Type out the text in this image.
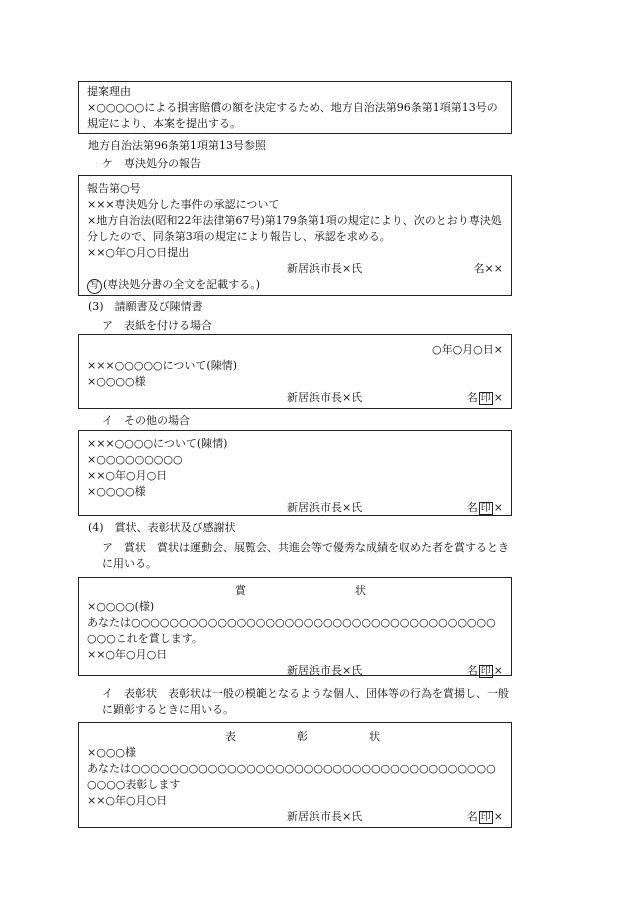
提案理由
×○○○○○による損害賠償の額を決定するため、地方自治法第96条第1項第13号の規定により、本案を提出する。
地方自治法第96条第1項第13号参照
ケ　専決処分の報告
報告第○号
×××専決処分した事件の承認について
×地方自治法(昭和22年法律第67号)第179条第1項の規定により、次のとおり専決処分したので、同条第3項の規定により報告し、承認を求める。
××○年○月○日提出
新居浜市長×氏	名××
写 (専決処分書の全文を記載する。)
(3)　請願書及び陳情書
ア　表紙を付ける場合
○年○月○日×
×××○○○○○について(陳情)
×○○○○様
新居浜市長×氏	名 印 ×
イ　その他の場合
×××○○○○について(陳情)
×○○○○○○○○○
××○年○月○日
×○○○○様
新居浜市長×氏	名 印 ×
(4)　賞状、表彰状及び感謝状
ア　賞状　賞状は運動会、展覧会、共進会等で優秀な成績を収めた者を賞するときに用いる。
賞	状
×○○○○(様)
あなたは○○○○○○○○○○○○○○○○○○○○○○○○○○○○○○○○○○○○○○○○○これを賞します。
××○年○月○日
新居浜市長×氏	名 印 ×
イ　表彰状　表彰状は一般の模範となるような個人、団体等の行為を賞揚し、一般に顕彰するときに用いる。
表	彰	状
×○○○様
あなたは○○○○○○○○○○○○○○○○○○○○○○○○○○○○○○○○○○○○○○○○○○表彰します
××○年○月○日
新居浜市長×氏	名 印 ×
